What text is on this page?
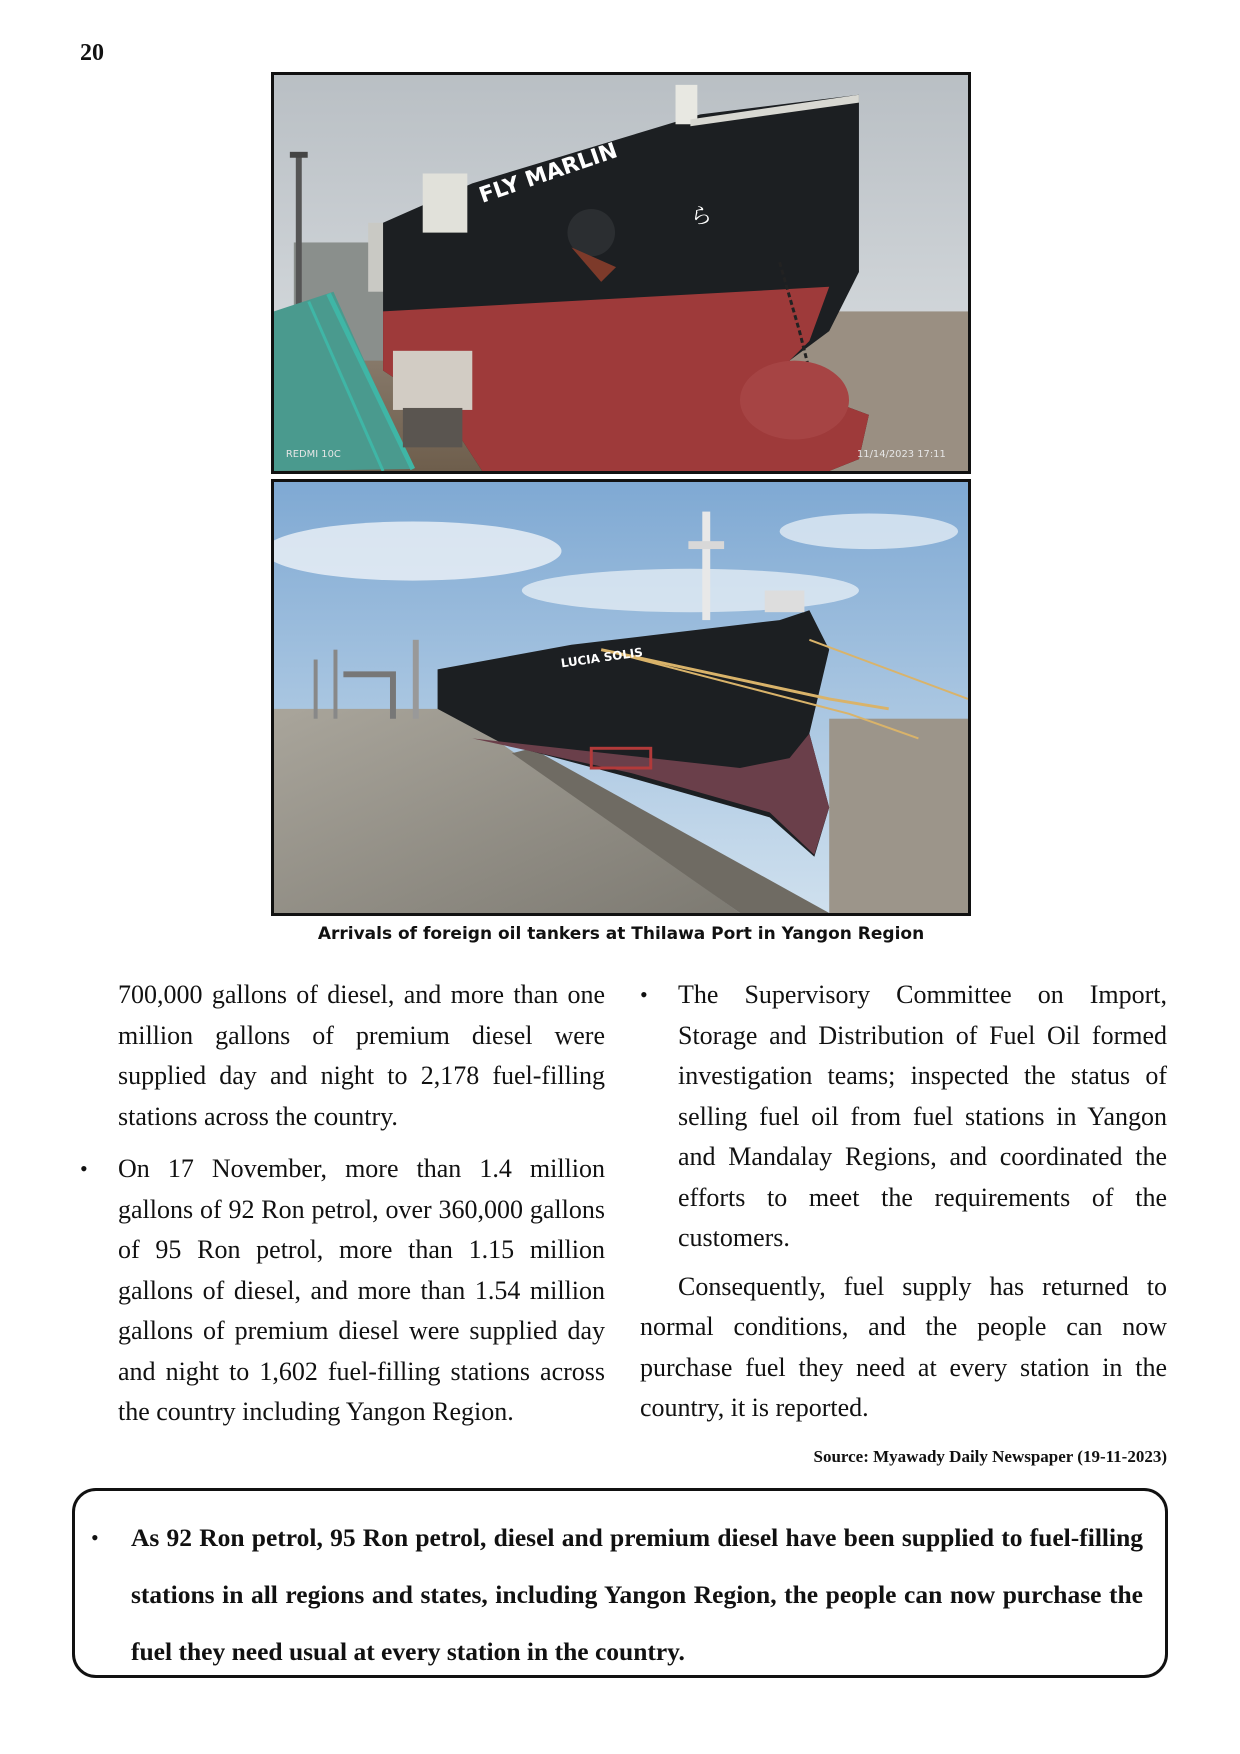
20
FLY MARLIN
ら
REDMI 10C	11/14/2023 17:11
LUCIA SOLIS
Arrivals of foreign oil tankers at Thilawa Port in Yangon Region

700,000 gallons of diesel, and more than one million gallons of premium diesel were supplied day and night to 2,178 fuel-filling stations across the country.

•	On 17 November, more than 1.4 million gallons of 92 Ron petrol, over 360,000 gallons of 95 Ron petrol, more than 1.15 million gallons of diesel, and more than 1.54 million gallons of premium diesel were supplied day and night to 1,602 fuel-filling stations across the country including Yangon Region.
•	The Supervisory Committee on Import, Storage and Distribution of Fuel Oil formed investigation teams; inspected the status of selling fuel oil from fuel stations in Yangon and Mandalay Regions, and coordinated the efforts to meet the requirements of the customers.

Consequently, fuel supply has returned to normal conditions, and the people can now purchase fuel they need at every station in the country, it is reported.

Source: Myawady Daily Newspaper (19-11-2023)
•	As 92 Ron petrol, 95 Ron petrol, diesel and premium diesel have been supplied to fuel-filling stations in all regions and states, including Yangon Region, the people can now purchase the fuel they need usual at every station in the country.
